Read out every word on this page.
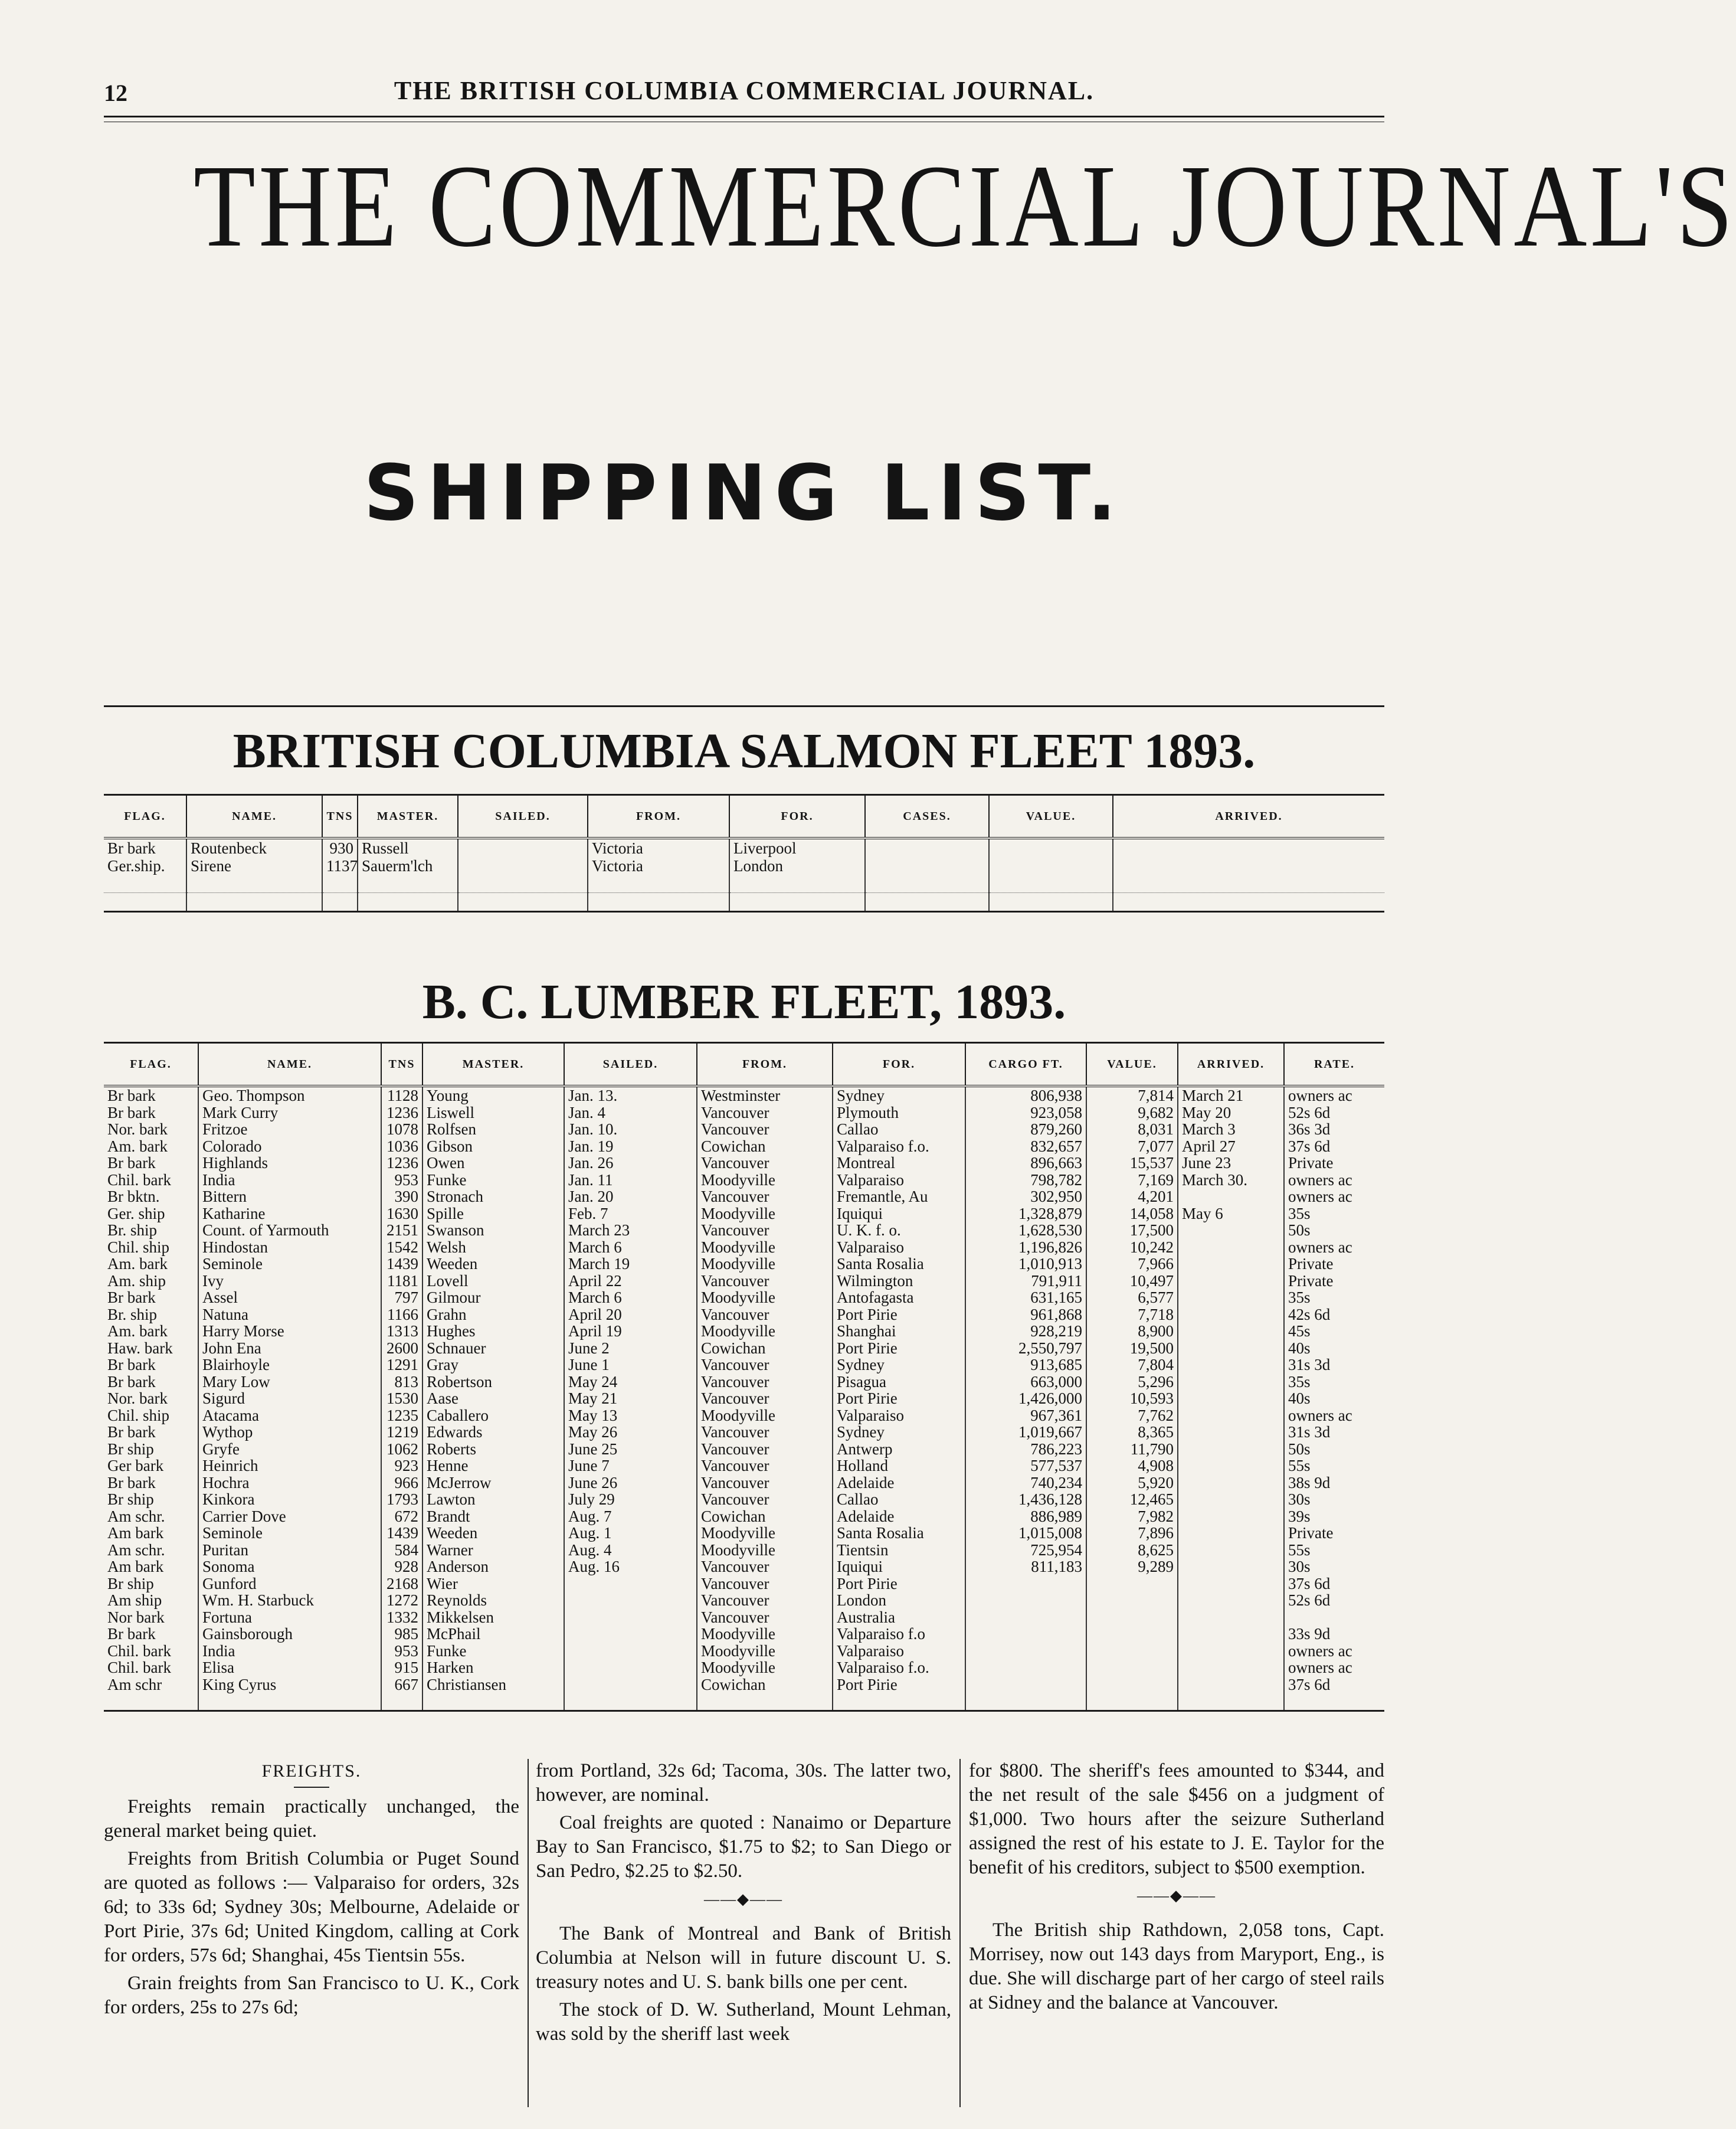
12	THE BRITISH COLUMBIA COMMERCIAL JOURNAL.
THE COMMERCIAL JOURNAL'S
SHIPPING LIST.
BRITISH COLUMBIA SALMON FLEET 1893.
FLAG.	NAME.	TNS	MASTER.	SAILED.	FROM.	FOR.	CASES.	VALUE.	ARRIVED.
Br bark	Routenbeck	930	Russell		Victoria	Liverpool			
Ger.ship.	Sirene	1137	Sauerm'lch		Victoria	London			

B. C. LUMBER FLEET, 1893.
FLAG.	NAME.	TNS	MASTER.	SAILED.	FROM.	FOR.	CARGO FT.	VALUE.	ARRIVED.	RATE.
Br bark	Geo. Thompson	1128	Young	Jan. 13.	Westminster	Sydney	806,938	7,814	March 21	owners ac
Br bark	Mark Curry	1236	Liswell	Jan. 4	Vancouver	Plymouth	923,058	9,682	May 20	52s 6d
Nor. bark	Fritzoe	1078	Rolfsen	Jan. 10.	Vancouver	Callao	879,260	8,031	March 3	36s 3d
Am. bark	Colorado	1036	Gibson	Jan. 19	Cowichan	Valparaiso f.o.	832,657	7,077	April 27	37s 6d
Br bark	Highlands	1236	Owen	Jan. 26	Vancouver	Montreal	896,663	15,537	June 23	Private
Chil. bark	India	953	Funke	Jan. 11	Moodyville	Valparaiso	798,782	7,169	March 30.	owners ac
Br bktn.	Bittern	390	Stronach	Jan. 20	Vancouver	Fremantle, Au	302,950	4,201		owners ac
Ger. ship	Katharine	1630	Spille	Feb. 7	Moodyville	Iquiqui	1,328,879	14,058	May 6	35s
Br. ship	Count. of Yarmouth	2151	Swanson	March 23	Vancouver	U. K. f. o.	1,628,530	17,500		50s
Chil. ship	Hindostan	1542	Welsh	March 6	Moodyville	Valparaiso	1,196,826	10,242		owners ac
Am. bark	Seminole	1439	Weeden	March 19	Moodyville	Santa Rosalia	1,010,913	7,966		Private
Am. ship	Ivy	1181	Lovell	April 22	Vancouver	Wilmington	791,911	10,497		Private
Br bark	Assel	797	Gilmour	March 6	Moodyville	Antofagasta	631,165	6,577		35s
Br. ship	Natuna	1166	Grahn	April 20	Vancouver	Port Pirie	961,868	7,718		42s 6d
Am. bark	Harry Morse	1313	Hughes	April 19	Moodyville	Shanghai	928,219	8,900		45s
Haw. bark	John Ena	2600	Schnauer	June 2	Cowichan	Port Pirie	2,550,797	19,500		40s
Br bark	Blairhoyle	1291	Gray	June 1	Vancouver	Sydney	913,685	7,804		31s 3d
Br bark	Mary Low	813	Robertson	May 24	Vancouver	Pisagua	663,000	5,296		35s
Nor. bark	Sigurd	1530	Aase	May 21	Vancouver	Port Pirie	1,426,000	10,593		40s
Chil. ship	Atacama	1235	Caballero	May 13	Moodyville	Valparaiso	967,361	7,762		owners ac
Br bark	Wythop	1219	Edwards	May 26	Vancouver	Sydney	1,019,667	8,365		31s 3d
Br ship	Gryfe	1062	Roberts	June 25	Vancouver	Antwerp	786,223	11,790		50s
Ger bark	Heinrich	923	Henne	June 7	Vancouver	Holland	577,537	4,908		55s
Br bark	Hochra	966	McJerrow	June 26	Vancouver	Adelaide	740,234	5,920		38s 9d
Br ship	Kinkora	1793	Lawton	July 29	Vancouver	Callao	1,436,128	12,465		30s
Am schr.	Carrier Dove	672	Brandt	Aug. 7	Cowichan	Adelaide	886,989	7,982		39s
Am bark	Seminole	1439	Weeden	Aug. 1	Moodyville	Santa Rosalia	1,015,008	7,896		Private
Am schr.	Puritan	584	Warner	Aug. 4	Moodyville	Tientsin	725,954	8,625		55s
Am bark	Sonoma	928	Anderson	Aug. 16	Vancouver	Iquiqui	811,183	9,289		30s
Br ship	Gunford	2168	Wier		Vancouver	Port Pirie				37s 6d
Am ship	Wm. H. Starbuck	1272	Reynolds		Vancouver	London				52s 6d
Nor bark	Fortuna	1332	Mikkelsen		Vancouver	Australia				
Br bark	Gainsborough	985	McPhail		Moodyville	Valparaiso f.o				33s 9d
Chil. bark	India	953	Funke		Moodyville	Valparaiso				owners ac
Chil. bark	Elisa	915	Harken		Moodyville	Valparaiso f.o.				owners ac
Am schr	King Cyrus	667	Christiansen		Cowichan	Port Pirie				37s 6d

FREIGHTS.

Freights remain practically unchanged, the general market being quiet.

Freights from British Columbia or Puget Sound are quoted as follows :— Valparaiso for orders, 32s 6d; to 33s 6d; Sydney 30s; Melbourne, Adelaide or Port Pirie, 37s 6d; United Kingdom, calling at Cork for orders, 57s 6d; Shanghai, 45s Tientsin 55s.

Grain freights from San Francisco to U. K., Cork for orders, 25s to 27s 6d;

from Portland, 32s 6d; Tacoma, 30s. The latter two, however, are nominal.

Coal freights are quoted : Nanaimo or Departure Bay to San Francisco, $1.75 to $2; to San Diego or San Pedro, $2.25 to $2.50.

——◆——

The Bank of Montreal and Bank of British Columbia at Nelson will in future discount U. S. treasury notes and U. S. bank bills one per cent.

The stock of D. W. Sutherland, Mount Lehman, was sold by the sheriff last week

for $800. The sheriff's fees amounted to $344, and the net result of the sale $456 on a judgment of $1,000. Two hours after the seizure Sutherland assigned the rest of his estate to J. E. Taylor for the benefit of his creditors, subject to $500 exemption.

——◆——

The British ship Rathdown, 2,058 tons, Capt. Morrisey, now out 143 days from Maryport, Eng., is due. She will discharge part of her cargo of steel rails at Sidney and the balance at Vancouver.
